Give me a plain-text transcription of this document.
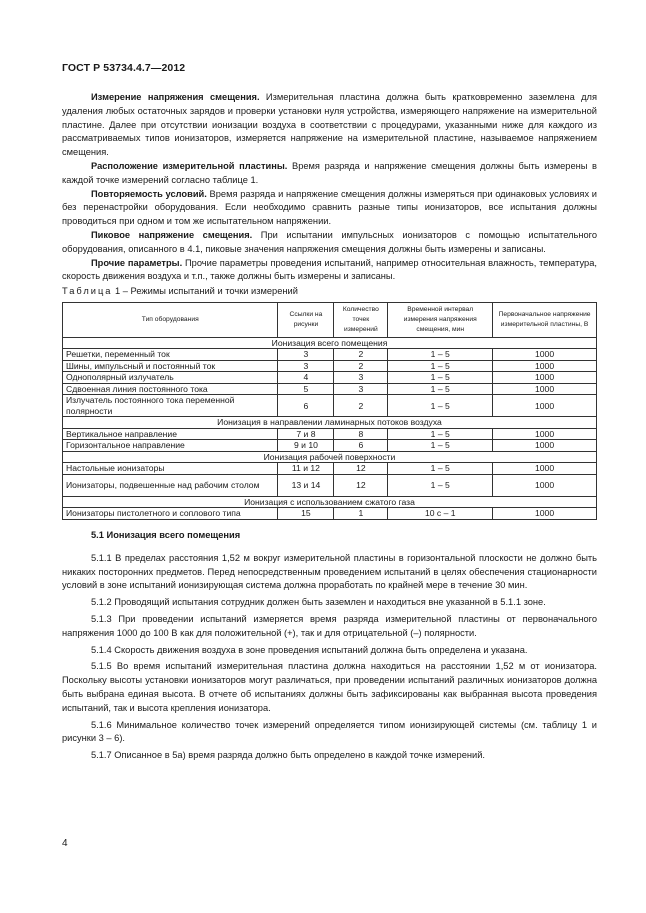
ГОСТ Р 53734.4.7—2012

Измерение напряжения смещения. Измерительная пластина должна быть кратковременно заземлена для удаления любых остаточных зарядов и проверки установки нуля устройства, измеряющего напряжение на измерительной пластине. Далее при отсутствии ионизации воздуха в соответствии с процедурами, указанными ниже для каждого из рассматриваемых типов ионизаторов, измеряется напряжение на измерительной пластине, называемое напряжением смещения.

Расположение измерительной пластины. Время разряда и напряжение смещения должны быть измерены в каждой точке измерений согласно таблице 1.

Повторяемость условий. Время разряда и напряжение смещения должны измеряться при одинаковых условиях и без перенастройки оборудования. Если необходимо сравнить разные типы ионизаторов, все испытания должны проводиться при одном и том же испытательном напряжении.

Пиковое напряжение смещения. При испытании импульсных ионизаторов с помощью испытательного оборудования, описанного в 4.1, пиковые значения напряжения смещения должны быть измерены и записаны.

Прочие параметры. Прочие параметры проведения испытаний, например относительная влажность, температура, скорость движения воздуха и т.п., также должны быть измерены и записаны.

Таблица 1 – Режимы испытаний и точки измерений
Тип оборудования	Ссылки на рисунки	Количество точек измерений	Временной интервал измерения напряжения смещения, мин	Первоначальное напряжение измерительной пластины, В
Ионизация всего помещения				
Решетки, переменный ток	3	2	1 – 5	1000
Шины, импульсный и постоянный ток	3	2	1 – 5	1000
Однополярный излучатель	4	3	1 – 5	1000
Сдвоенная линия постоянного тока	5	3	1 – 5	1000
Излучатель постоянного тока переменной полярности	6	2	1 – 5	1000
Ионизация в направлении ламинарных потоков воздуха				
Вертикальное направление	7 и 8	8	1 – 5	1000
Горизонтальное направление	9 и 10	6	1 – 5	1000
Ионизация рабочей поверхности				
Настольные ионизаторы	11 и 12	12	1 – 5	1000
Ионизаторы, подвешенные над рабочим столом	13 и 14	12	1 – 5	1000
Ионизация с использованием сжатого газа				
Ионизаторы пистолетного и соплового типа	15	1	10 с – 1	1000
5.1 Ионизация всего помещения

5.1.1 В пределах расстояния 1,52 м вокруг измерительной пластины в горизонтальной плоскости не должно быть никаких посторонних предметов. Перед непосредственным проведением испытаний в целях обеспечения стационарности условий в зоне испытаний ионизирующая система должна проработать по крайней мере в течение 30 мин.

5.1.2 Проводящий испытания сотрудник должен быть заземлен и находиться вне указанной в 5.1.1 зоне.

5.1.3 При проведении испытаний измеряется время разряда измерительной пластины от первоначального напряжения 1000 до 100 В как для положительной (+), так и для отрицательной (–) полярности.

5.1.4 Скорость движения воздуха в зоне проведения испытаний должна быть определена и указана.

5.1.5 Во время испытаний измерительная пластина должна находиться на расстоянии 1,52 м от ионизатора. Поскольку высоты установки ионизаторов могут различаться, при проведении испытаний различных ионизаторов должна быть выбрана единая высота. В отчете об испытаниях должны быть зафиксированы как выбранная высота проведения испытаний, так и высота крепления ионизатора.

5.1.6 Минимальное количество точек измерений определяется типом ионизирующей системы (см. таблицу 1 и рисунки 3 – 6).

5.1.7 Описанное в 5а) время разряда должно быть определено в каждой точке измерений.

4
